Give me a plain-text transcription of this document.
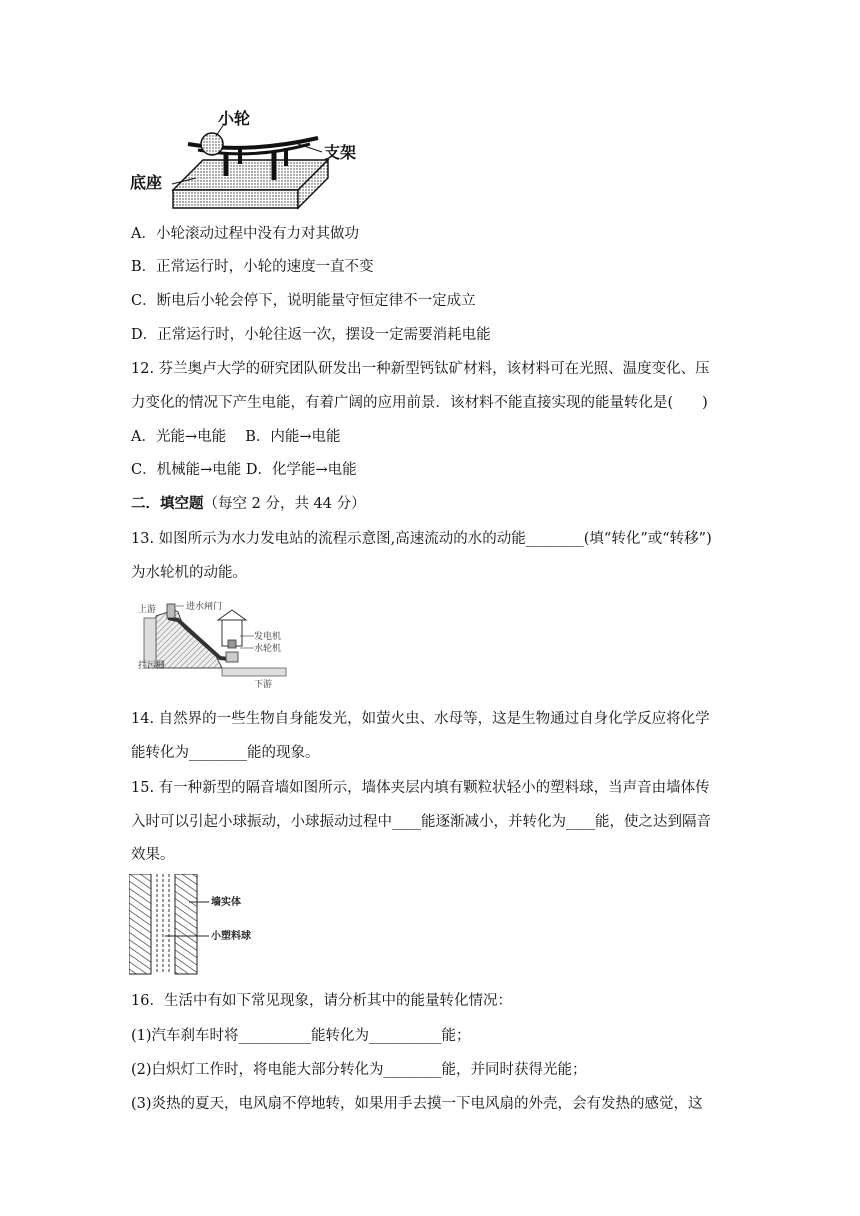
小轮
支架
底座
A．小轮滚动过程中没有力对其做功
B．正常运行时，小轮的速度一直不变
C．断电后小轮会停下，说明能量守恒定律不一定成立
D．正常运行时，小轮往返一次，摆设一定需要消耗电能
12. 芬兰奥卢大学的研究团队研发出一种新型钙钛矿材料，该材料可在光照、温度变化、压
力变化的情况下产生电能，有着广阔的应用前景．该材料不能直接实现的能量转化是(　　)
A．光能→电能　 B．内能→电能
C．机械能→电能 D．化学能→电能
二．填空题（每空 2 分，共 44 分）
13. 如图所示为水力发电站的流程示意图,高速流动的水的动能________(填“转化”或“转移”)
为水轮机的动能。
上游	进水闸门
发电机
水轮机
拦污栅
下游
14. 自然界的一些生物自身能发光，如萤火虫、水母等，这是生物通过自身化学反应将化学
能转化为________能的现象。
15. 有一种新型的隔音墙如图所示，墙体夹层内填有颗粒状轻小的塑料球，当声音由墙体传
入时可以引起小球振动，小球振动过程中____能逐渐减小，并转化为____能，使之达到隔音
效果。
墙实体
小塑料球
16．生活中有如下常见现象，请分析其中的能量转化情况：
(1)汽车刹车时将__________能转化为__________能；
(2)白炽灯工作时，将电能大部分转化为________能，并同时获得光能；
(3)炎热的夏天，电风扇不停地转，如果用手去摸一下电风扇的外壳，会有发热的感觉，这
